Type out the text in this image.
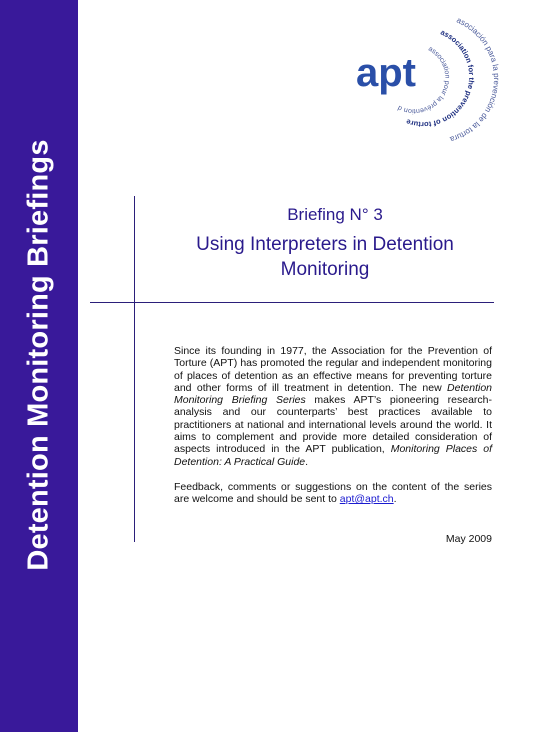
Detention Monitoring Briefings
apt
asociación para la prevención de la tortura
association for the prevention of torture
association pour la prévention d
Briefing N° 3
Using Interpreters in Detention Monitoring

Since its founding in 1977, the Association for the Prevention of Torture (APT) has promoted the regular and independent monitoring of places of detention as an effective means for preventing torture and other forms of ill treatment in detention. The new Detention Monitoring Briefing Series makes APT’s pioneering research-analysis and our counterparts’ best practices available to practitioners at national and international levels around the world. It aims to complement and provide more detailed consideration of aspects introduced in the APT publication, Monitoring Places of Detention: A Practical Guide.

Feedback, comments or suggestions on the content of the series are welcome and should be sent to apt@apt.ch.

May 2009
